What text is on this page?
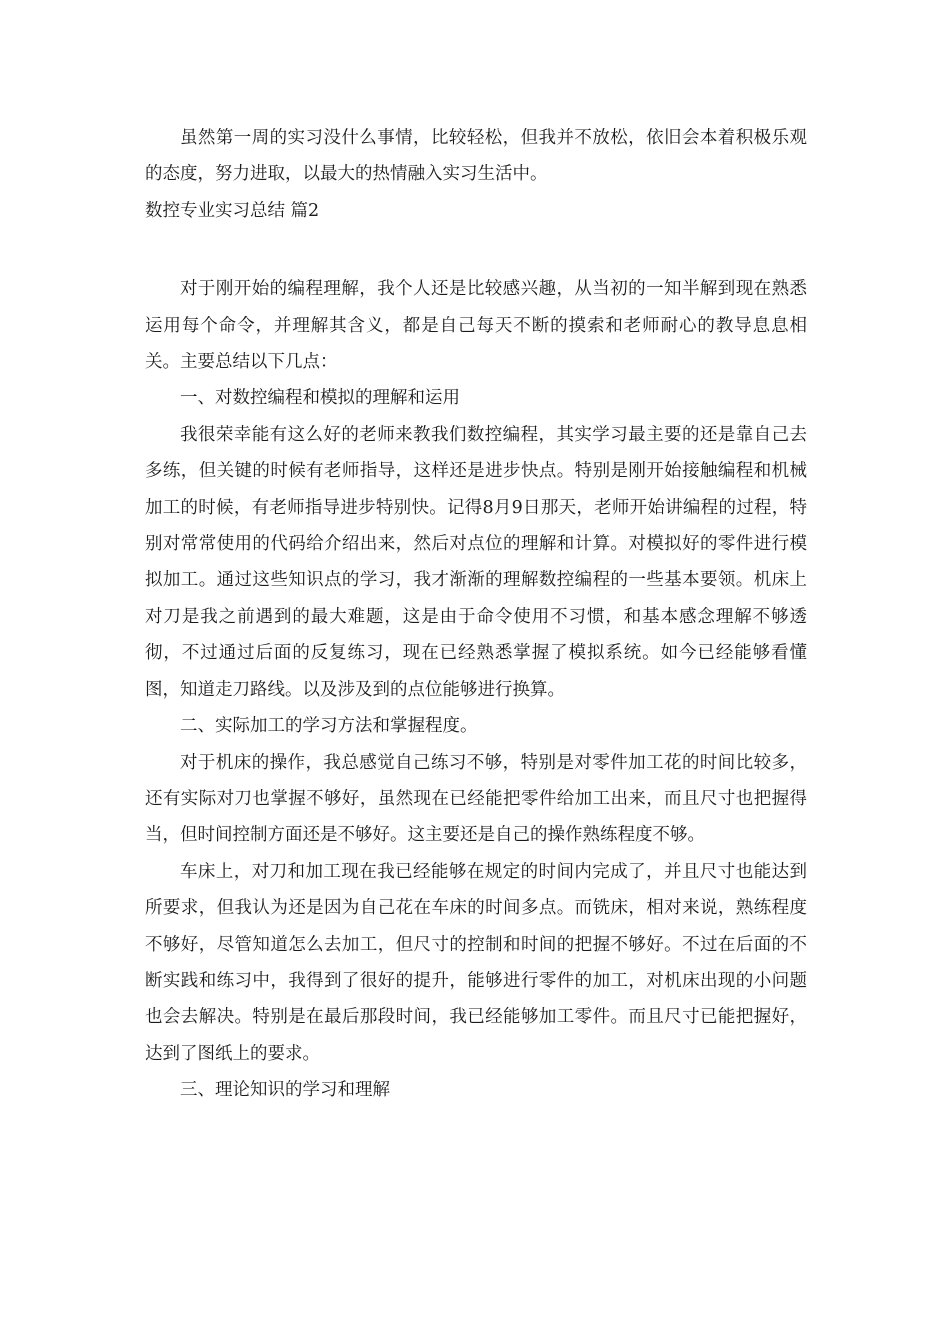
虽然第一周的实习没什么事情，比较轻松，但我并不放松，依旧会本着积极乐观的态度，努力进取，以最大的热情融入实习生活中。

数控专业实习总结 篇2

对于刚开始的编程理解，我个人还是比较感兴趣，从当初的一知半解到现在熟悉运用每个命令，并理解其含义，都是自己每天不断的摸索和老师耐心的教导息息相关。主要总结以下几点：

一、对数控编程和模拟的理解和运用

我很荣幸能有这么好的老师来教我们数控编程，其实学习最主要的还是靠自己去多练，但关键的时候有老师指导，这样还是进步快点。特别是刚开始接触编程和机械加工的时候，有老师指导进步特别快。记得8月9日那天，老师开始讲编程的过程，特别对常常使用的代码给介绍出来，然后对点位的理解和计算。对模拟好的零件进行模拟加工。通过这些知识点的学习，我才渐渐的理解数控编程的一些基本要领。机床上对刀是我之前遇到的最大难题，这是由于命令使用不习惯，和基本感念理解不够透彻，不过通过后面的反复练习，现在已经熟悉掌握了模拟系统。如今已经能够看懂图，知道走刀路线。以及涉及到的点位能够进行换算。

二、实际加工的学习方法和掌握程度。

对于机床的操作，我总感觉自己练习不够，特别是对零件加工花的时间比较多，还有实际对刀也掌握不够好，虽然现在已经能把零件给加工出来，而且尺寸也把握得当，但时间控制方面还是不够好。这主要还是自己的操作熟练程度不够。

车床上，对刀和加工现在我已经能够在规定的时间内完成了，并且尺寸也能达到所要求，但我认为还是因为自己花在车床的时间多点。而铣床，相对来说，熟练程度不够好，尽管知道怎么去加工，但尺寸的控制和时间的把握不够好。不过在后面的不断实践和练习中，我得到了很好的提升，能够进行零件的加工，对机床出现的小问题也会去解决。特别是在最后那段时间，我已经能够加工零件。而且尺寸已能把握好，达到了图纸上的要求。

三、理论知识的学习和理解
